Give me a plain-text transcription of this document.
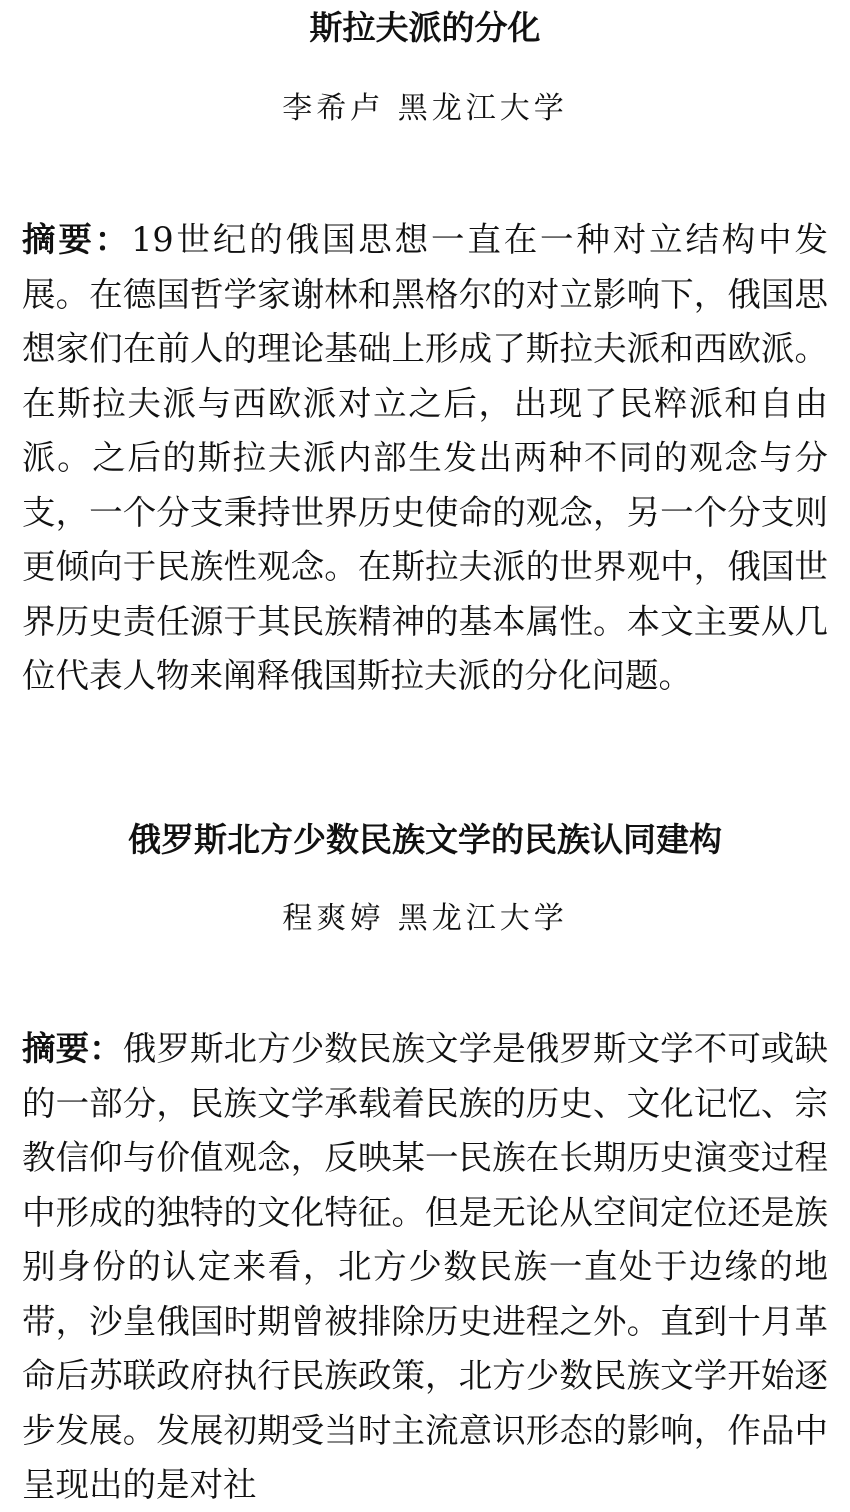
斯拉夫派的分化

李希卢 黑龙江大学

摘要：19世纪的俄国思想一直在一种对立结构中发展。在德国哲学家谢林和黑格尔的对立影响下，俄国思想家们在前人的理论基础上形成了斯拉夫派和西欧派。在斯拉夫派与西欧派对立之后，出现了民粹派和自由派。之后的斯拉夫派内部生发出两种不同的观念与分支，一个分支秉持世界历史使命的观念，另一个分支则更倾向于民族性观念。在斯拉夫派的世界观中，俄国世界历史责任源于其民族精神的基本属性。本文主要从几位代表人物来阐释俄国斯拉夫派的分化问题。

俄罗斯北方少数民族文学的民族认同建构

程爽婷 黑龙江大学

摘要：俄罗斯北方少数民族文学是俄罗斯文学不可或缺的一部分，民族文学承载着民族的历史、文化记忆、宗教信仰与价值观念，反映某一民族在长期历史演变过程中形成的独特的文化特征。但是无论从空间定位还是族别身份的认定来看，北方少数民族一直处于边缘的地带，沙皇俄国时期曾被排除历史进程之外。直到十月革命后苏联政府执行民族政策，北方少数民族文学开始逐步发展。发展初期受当时主流意识形态的影响，作品中呈现出的是对社
